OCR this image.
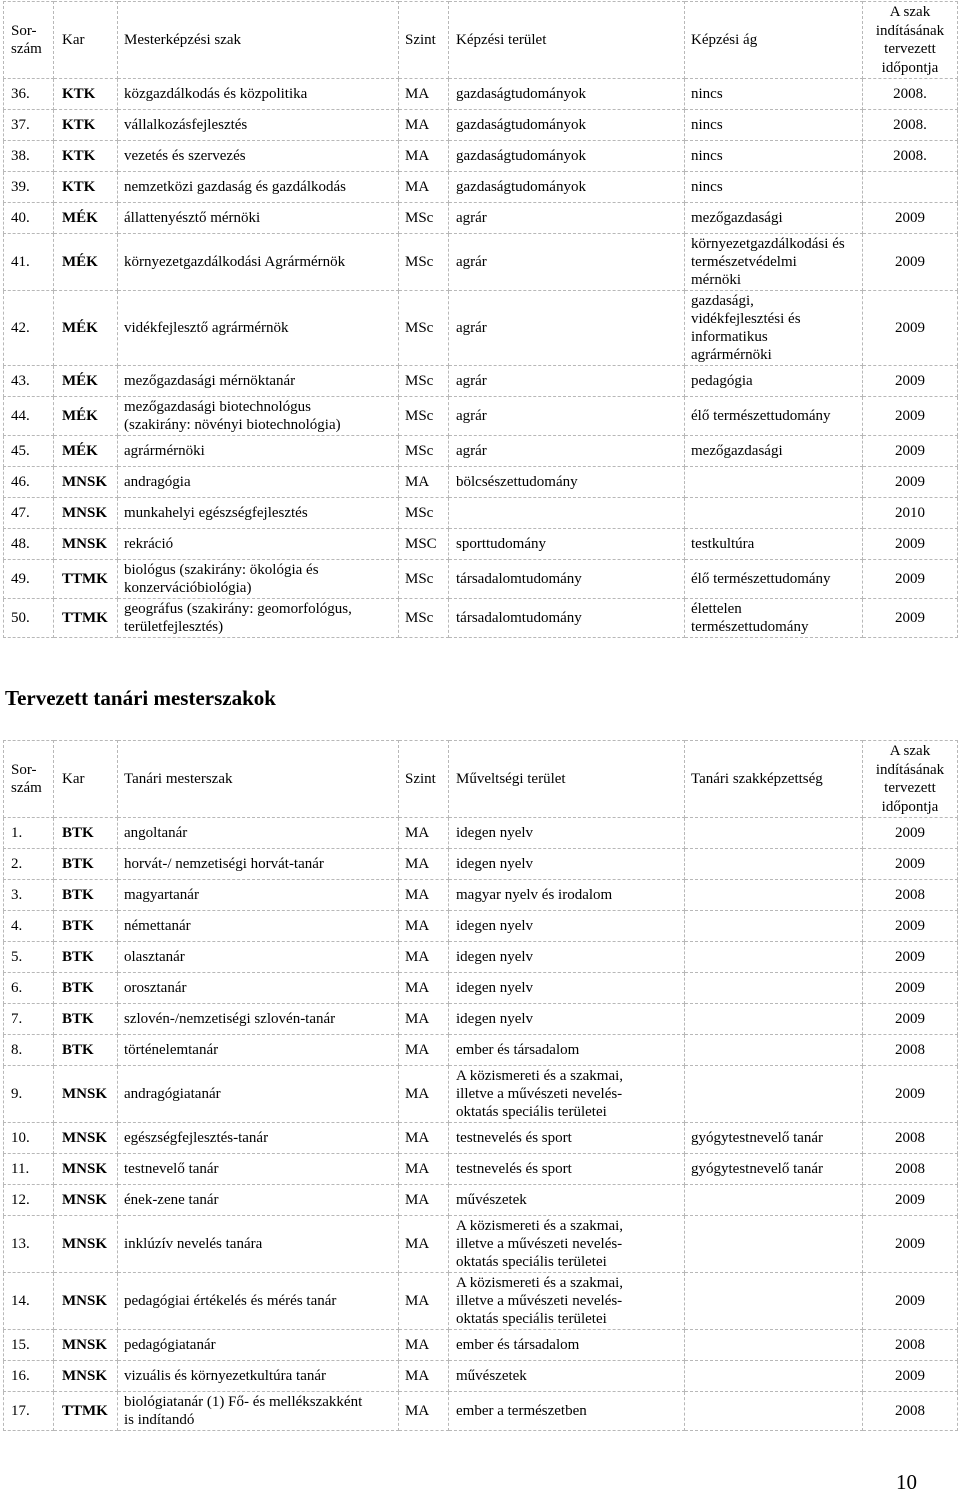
Sor-
szám	Kar	Mesterképzési szak	Szint	Képzési terület	Képzési ág	A szak
indításának
tervezett
időpontja
36.	KTK	közgazdálkodás és közpolitika	MA	gazdaságtudományok	nincs	2008.
37.	KTK	vállalkozásfejlesztés	MA	gazdaságtudományok	nincs	2008.
38.	KTK	vezetés és szervezés	MA	gazdaságtudományok	nincs	2008.
39.	KTK	nemzetközi gazdaság és gazdálkodás	MA	gazdaságtudományok	nincs	
40.	MÉK	állattenyésztő mérnöki	MSc	agrár	mezőgazdasági	2009
41.	MÉK	környezetgazdálkodási Agrármérnök	MSc	agrár	környezetgazdálkodási és
természetvédelmi
mérnöki	2009
42.	MÉK	vidékfejlesztő agrármérnök	MSc	agrár	gazdasági,
vidékfejlesztési és
informatikus
agrármérnöki	2009
43.	MÉK	mezőgazdasági mérnöktanár	MSc	agrár	pedagógia	2009
44.	MÉK	mezőgazdasági biotechnológus
(szakirány: növényi biotechnológia)	MSc	agrár	élő természettudomány	2009
45.	MÉK	agrármérnöki	MSc	agrár	mezőgazdasági	2009
46.	MNSK	andragógia	MA	bölcsészettudomány		2009
47.	MNSK	munkahelyi egészségfejlesztés	MSc			2010
48.	MNSK	rekráció	MSC	sporttudomány	testkultúra	2009
49.	TTMK	biológus (szakirány: ökológia és
konzervációbiológia)	MSc	társadalomtudomány	élő természettudomány	2009
50.	TTMK	geográfus (szakirány: geomorfológus,
területfejlesztés)	MSc	társadalomtudomány	élettelen
természettudomány	2009
Tervezett tanári mesterszakok
Sor-
szám	Kar	Tanári mesterszak	Szint	Műveltségi terület	Tanári szakképzettség	A szak
indításának
tervezett
időpontja
1.	BTK	angoltanár	MA	idegen nyelv		2009
2.	BTK	horvát-/ nemzetiségi horvát-tanár	MA	idegen nyelv		2009
3.	BTK	magyartanár	MA	magyar nyelv és irodalom		2008
4.	BTK	némettanár	MA	idegen nyelv		2009
5.	BTK	olasztanár	MA	idegen nyelv		2009
6.	BTK	orosztanár	MA	idegen nyelv		2009
7.	BTK	szlovén-/nemzetiségi szlovén-tanár	MA	idegen nyelv		2009
8.	BTK	történelemtanár	MA	ember és társadalom		2008
9.	MNSK	andragógiatanár	MA	A közismereti és a szakmai,
illetve a művészeti nevelés-
oktatás speciális területei		2009
10.	MNSK	egészségfejlesztés-tanár	MA	testnevelés és sport	gyógytestnevelő tanár	2008
11.	MNSK	testnevelő tanár	MA	testnevelés és sport	gyógytestnevelő tanár	2008
12.	MNSK	ének-zene tanár	MA	művészetek		2009
13.	MNSK	inklúzív nevelés tanára	MA	A közismereti és a szakmai,
illetve a művészeti nevelés-
oktatás speciális területei		2009
14.	MNSK	pedagógiai értékelés és mérés tanár	MA	A közismereti és a szakmai,
illetve a művészeti nevelés-
oktatás speciális területei		2009
15.	MNSK	pedagógiatanár	MA	ember és társadalom		2008
16.	MNSK	vizuális és környezetkultúra tanár	MA	művészetek		2009
17.	TTMK	biológiatanár (1) Fő- és mellékszakként
is indítandó	MA	ember a természetben		2008
10
